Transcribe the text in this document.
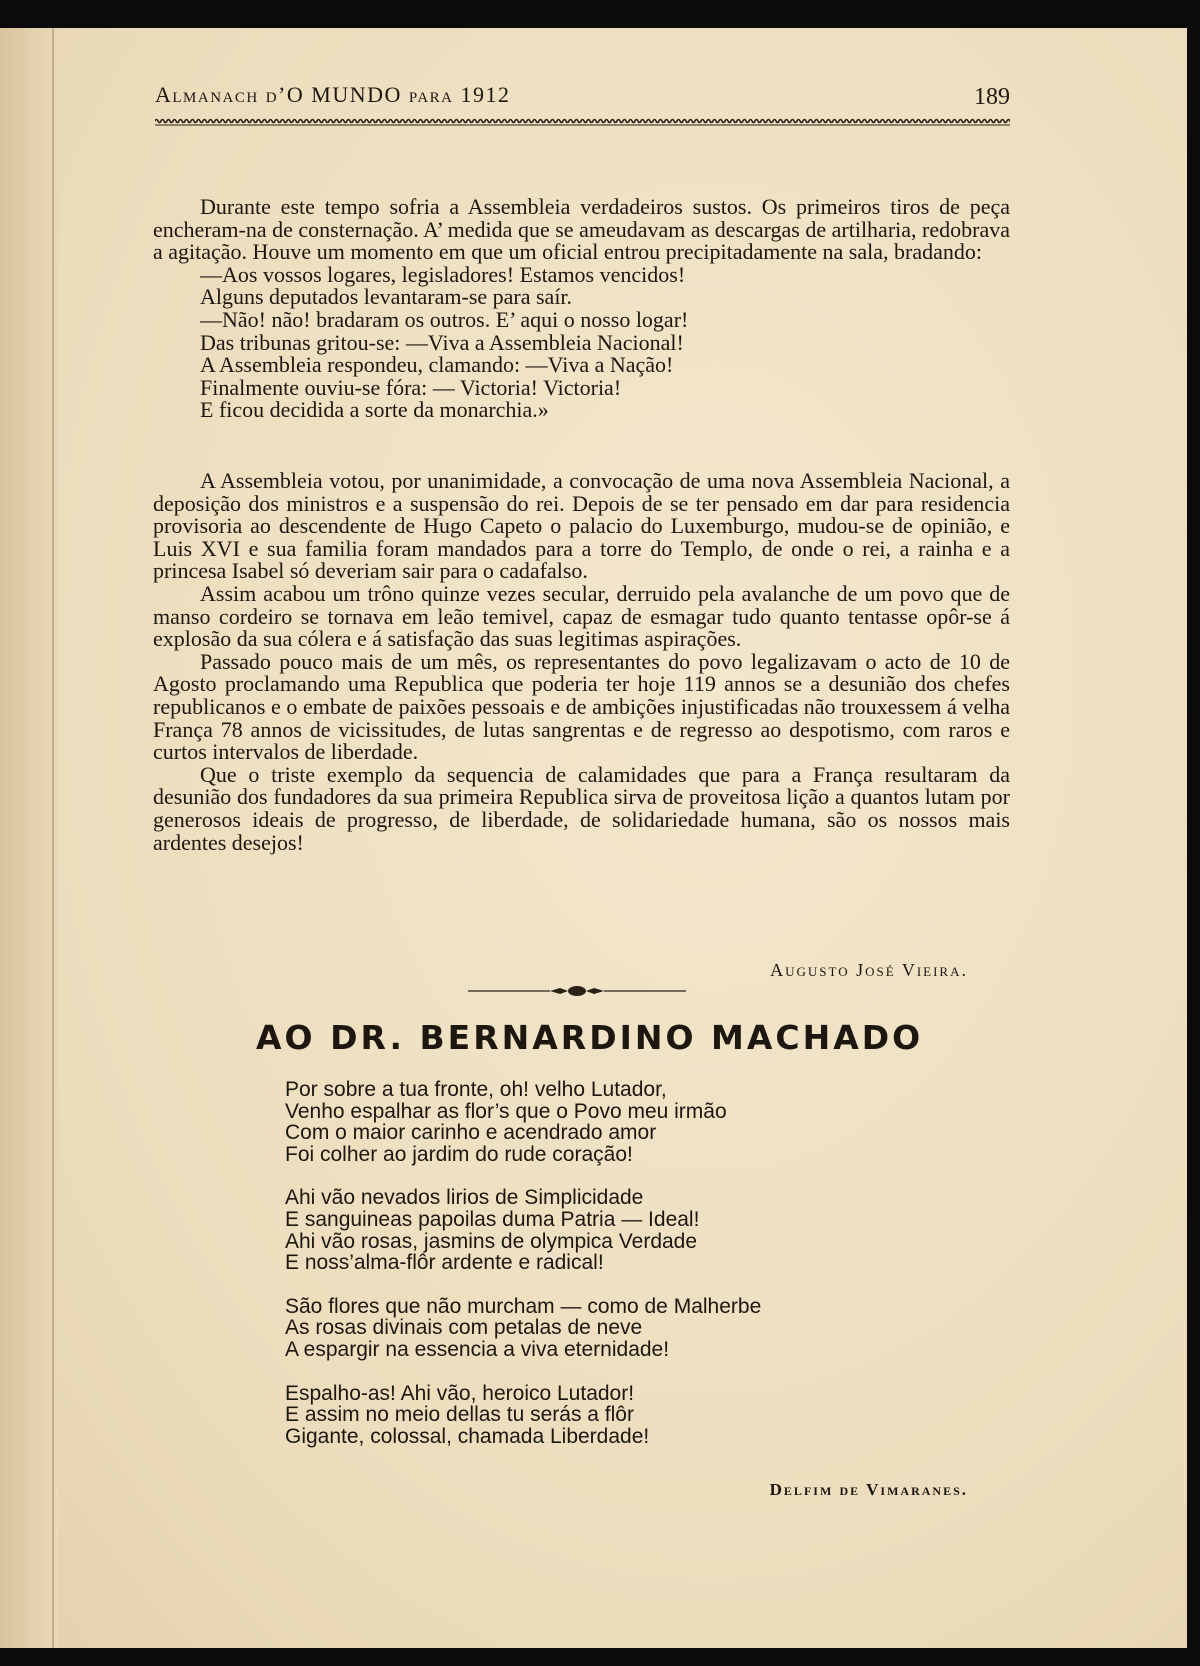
Almanach d’O MUNDO para 1912	189

Durante este tempo sofria a Assembleia verdadeiros sustos. Os primeiros tiros de peça encheram-na de consternação. A’ medida que se ameudavam as descargas de artilharia, redobrava a agitação. Houve um momento em que um oficial entrou precipitadamente na sala, bradando:

—Aos vossos logares, legisladores! Estamos vencidos!

Alguns deputados levantaram-se para saír.

—Não! não! bradaram os outros. E’ aqui o nosso logar!

Das tribunas gritou-se: —Viva a Assembleia Nacional!

A Assembleia respondeu, clamando: —Viva a Nação!

Finalmente ouviu-se fóra: — Victoria! Victoria!

E ficou decidida a sorte da monarchia.»

A Assembleia votou, por unanimidade, a convocação de uma nova Assembleia Nacional, a deposição dos ministros e a suspensão do rei. Depois de se ter pensado em dar para residencia provisoria ao descendente de Hugo Capeto o palacio do Luxemburgo, mudou-se de opinião, e Luis XVI e sua familia foram mandados para a torre do Templo, de onde o rei, a rainha e a princesa Isabel só deveriam sair para o cadafalso.

Assim acabou um trôno quinze vezes secular, derruido pela avalanche de um povo que de manso cordeiro se tornava em leão temivel, capaz de esmagar tudo quanto tentasse opôr-se á explosão da sua cólera e á satisfação das suas legitimas aspirações.

Passado pouco mais de um mês, os representantes do povo legalizavam o acto de 10 de Agosto proclamando uma Republica que poderia ter hoje 119 annos se a desunião dos chefes republicanos e o embate de paixões pessoais e de ambições injustificadas não trouxessem á velha França 78 annos de vicissitudes, de lutas sangrentas e de regresso ao despotismo, com raros e curtos intervalos de liberdade.

Que o triste exemplo da sequencia de calamidades que para a França resultaram da desunião dos fundadores da sua primeira Republica sirva de proveitosa lição a quantos lutam por generosos ideais de progresso, de liberdade, de solidariedade humana, são os nossos mais ardentes desejos!

Augusto José Vieira.
AO DR. BERNARDINO MACHADO
Por sobre a tua fronte, oh! velho Lutador,
Venho espalhar as flor’s que o Povo meu irmão
Com o maior carinho e acendrado amor
Foi colher ao jardim do rude coração!
Ahi vão nevados lirios de Simplicidade
E sanguineas papoilas duma Patria — Ideal!
Ahi vão rosas, jasmins de olympica Verdade
E noss’alma-flôr ardente e radical!
São flores que não murcham — como de Malherbe
As rosas divinais com petalas de neve
A espargir na essencia a viva eternidade!
Espalho-as! Ahi vão, heroico Lutador!
E assim no meio dellas tu serás a flôr
Gigante, colossal, chamada Liberdade!
Delfim de Vimaranes.
